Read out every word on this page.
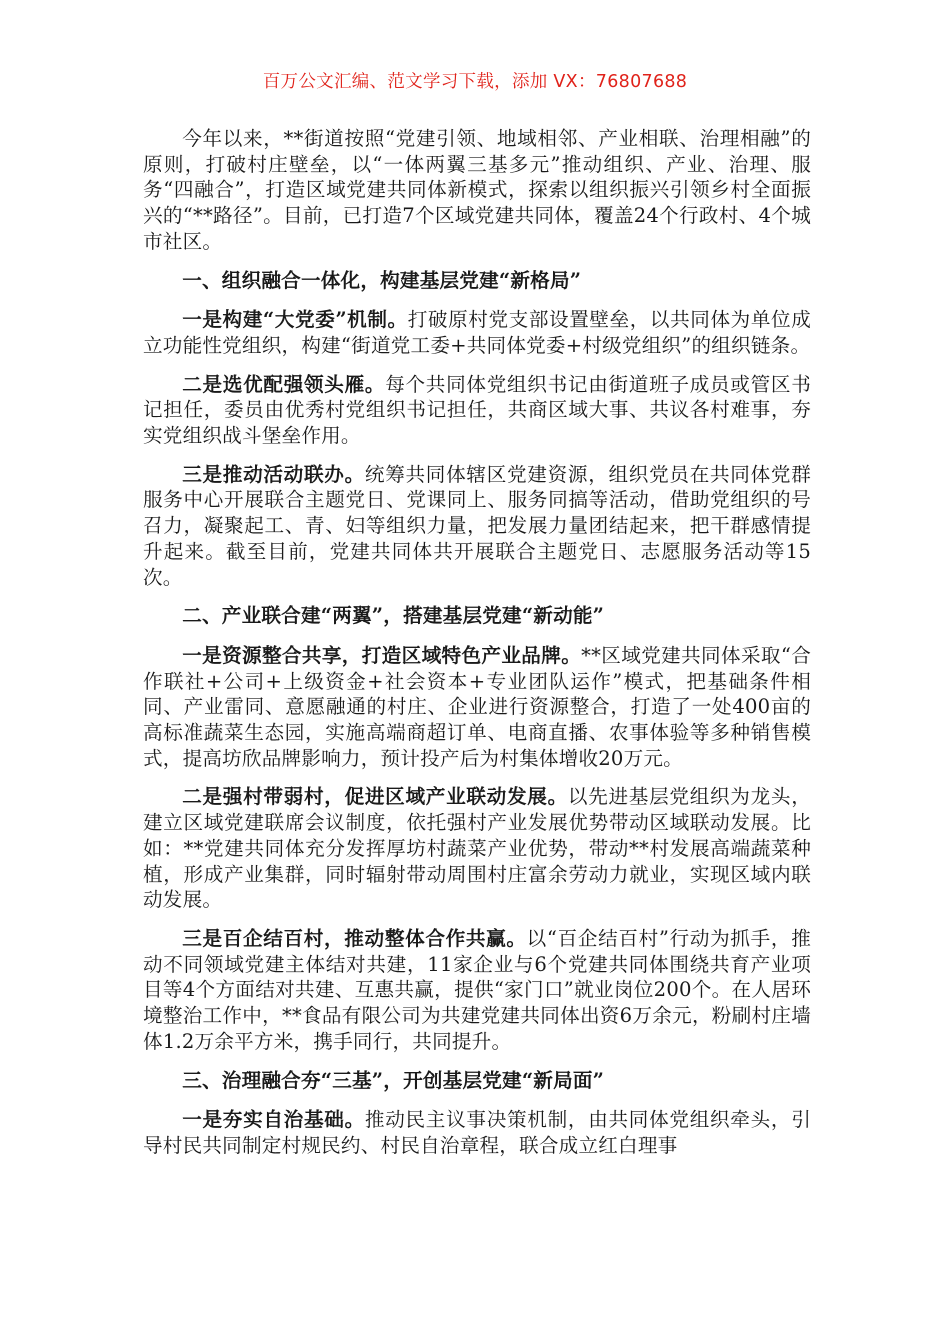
百万公文汇编、范文学习下载，添加 VX：76807688

今年以来，**街道按照“党建引领、地域相邻、产业相联、治理相融”的原则，打破村庄壁垒，以“一体两翼三基多元”推动组织、产业、治理、服务“四融合”，打造区域党建共同体新模式，探索以组织振兴引领乡村全面振兴的“**路径”。目前，已打造7个区域党建共同体，覆盖24个行政村、4个城市社区。

一、组织融合一体化，构建基层党建“新格局”

一是构建“大党委”机制。打破原村党支部设置壁垒，以共同体为单位成立功能性党组织，构建“街道党工委+共同体党委+村级党组织”的组织链条。

二是选优配强领头雁。每个共同体党组织书记由街道班子成员或管区书记担任，委员由优秀村党组织书记担任，共商区域大事、共议各村难事，夯实党组织战斗堡垒作用。

三是推动活动联办。统筹共同体辖区党建资源，组织党员在共同体党群服务中心开展联合主题党日、党课同上、服务同搞等活动，借助党组织的号召力，凝聚起工、青、妇等组织力量，把发展力量团结起来，把干群感情提升起来。截至目前，党建共同体共开展联合主题党日、志愿服务活动等15次。

二、产业联合建“两翼”，搭建基层党建“新动能”

一是资源整合共享，打造区域特色产业品牌。**区域党建共同体采取“合作联社+公司+上级资金+社会资本+专业团队运作”模式，把基础条件相同、产业雷同、意愿融通的村庄、企业进行资源整合，打造了一处400亩的高标准蔬菜生态园，实施高端商超订单、电商直播、农事体验等多种销售模式，提高坊欣品牌影响力，预计投产后为村集体增收20万元。

二是强村带弱村，促进区域产业联动发展。以先进基层党组织为龙头，建立区域党建联席会议制度，依托强村产业发展优势带动区域联动发展。比如：**党建共同体充分发挥厚坊村蔬菜产业优势，带动**村发展高端蔬菜种植，形成产业集群，同时辐射带动周围村庄富余劳动力就业，实现区域内联动发展。

三是百企结百村，推动整体合作共赢。以“百企结百村”行动为抓手，推动不同领域党建主体结对共建，11家企业与6个党建共同体围绕共育产业项目等4个方面结对共建、互惠共赢，提供“家门口”就业岗位200个。在人居环境整治工作中，**食品有限公司为共建党建共同体出资6万余元，粉刷村庄墙体1.2万余平方米，携手同行，共同提升。

三、治理融合夯“三基”，开创基层党建“新局面”

一是夯实自治基础。推动民主议事决策机制，由共同体党组织牵头，引导村民共同制定村规民约、村民自治章程，联合成立红白理事
